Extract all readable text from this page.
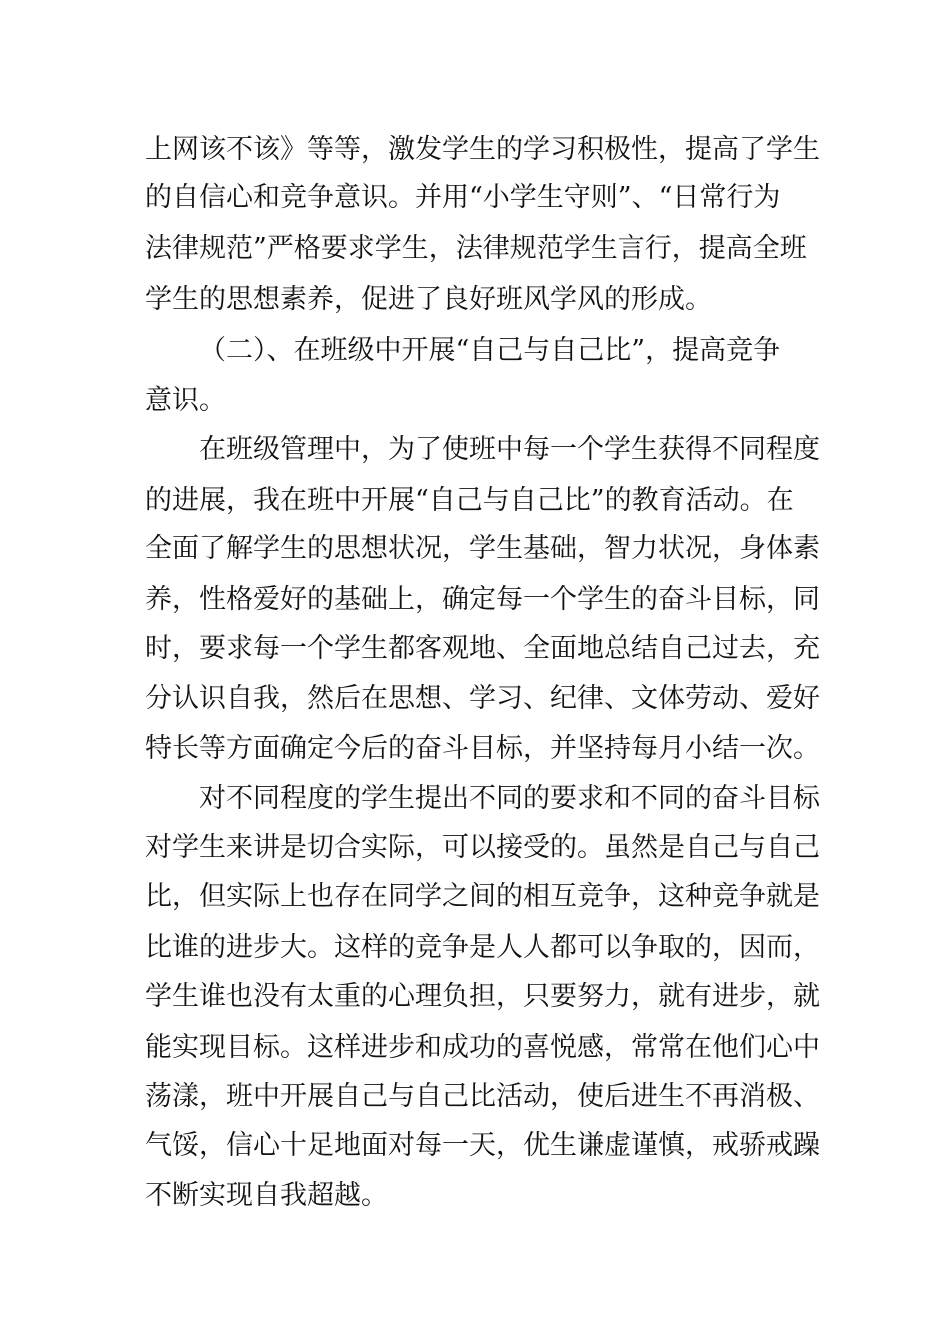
上网该不该》等等，激发学生的学习积极性，提高了学生

的自信心和竞争意识。并用“小学生守则”、“日常行为

法律规范”严格要求学生，法律规范学生言行，提高全班

学生的思想素养，促进了良好班风学风的形成。

（二）、在班级中开展“自己与自己比”，提高竞争

意识。

在班级管理中，为了使班中每一个学生获得不同程度

的进展，我在班中开展“自己与自己比”的教育活动。在

全面了解学生的思想状况，学生基础，智力状况，身体素

养，性格爱好的基础上，确定每一个学生的奋斗目标，同

时，要求每一个学生都客观地、全面地总结自己过去，充

分认识自我，然后在思想、学习、纪律、文体劳动、爱好

特长等方面确定今后的奋斗目标，并坚持每月小结一次。

对不同程度的学生提出不同的要求和不同的奋斗目标

对学生来讲是切合实际，可以接受的。虽然是自己与自己

比，但实际上也存在同学之间的相互竞争，这种竞争就是

比谁的进步大。这样的竞争是人人都可以争取的，因而，

学生谁也没有太重的心理负担，只要努力，就有进步，就

能实现目标。这样进步和成功的喜悦感，常常在他们心中

荡漾，班中开展自己与自己比活动，使后进生不再消极、

气馁，信心十足地面对每一天，优生谦虚谨慎，戒骄戒躁

不断实现自我超越。
